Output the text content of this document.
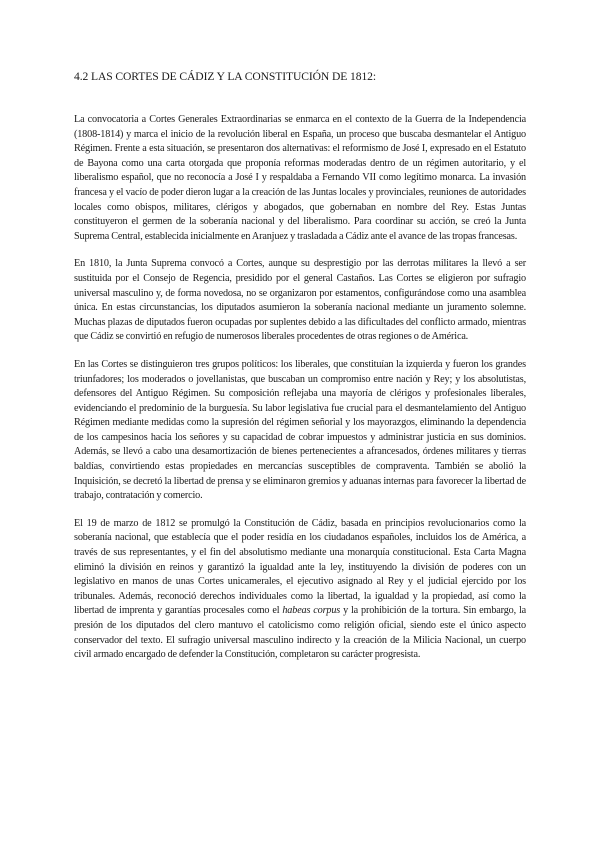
4.2 LAS CORTES DE CÁDIZ Y LA CONSTITUCIÓN DE 1812:

La convocatoria a Cortes Generales Extraordinarias se enmarca en el contexto de la Guerra de la Independencia (1808-1814) y marca el inicio de la revolución liberal en España, un proceso que buscaba desmantelar el Antiguo Régimen. Frente a esta situación, se presentaron dos alternativas: el reformismo de José I, expresado en el Estatuto de Bayona como una carta otorgada que proponía reformas moderadas dentro de un régimen autoritario, y el liberalismo español, que no reconocía a José I y respaldaba a Fernando VII como legítimo monarca. La invasión francesa y el vacío de poder dieron lugar a la creación de las Juntas locales y provinciales, reuniones de autoridades locales como obispos, militares, clérigos y abogados, que gobernaban en nombre del Rey. Estas Juntas constituyeron el germen de la soberanía nacional y del liberalismo. Para coordinar su acción, se creó la Junta Suprema Central, establecida inicialmente en Aranjuez y trasladada a Cádiz ante el avance de las tropas francesas.

En 1810, la Junta Suprema convocó a Cortes, aunque su desprestigio por las derrotas militares la llevó a ser sustituida por el Consejo de Regencia, presidido por el general Castaños. Las Cortes se eligieron por sufragio universal masculino y, de forma novedosa, no se organizaron por estamentos, configurándose como una asamblea única. En estas circunstancias, los diputados asumieron la soberanía nacional mediante un juramento solemne. Muchas plazas de diputados fueron ocupadas por suplentes debido a las dificultades del conflicto armado, mientras que Cádiz se convirtió en refugio de numerosos liberales procedentes de otras regiones o de América.

En las Cortes se distinguieron tres grupos políticos: los liberales, que constituían la izquierda y fueron los grandes triunfadores; los moderados o jovellanistas, que buscaban un compromiso entre nación y Rey; y los absolutistas, defensores del Antiguo Régimen. Su composición reflejaba una mayoría de clérigos y profesionales liberales, evidenciando el predominio de la burguesía. Su labor legislativa fue crucial para el desmantelamiento del Antiguo Régimen mediante medidas como la supresión del régimen señorial y los mayorazgos, eliminando la dependencia de los campesinos hacia los señores y su capacidad de cobrar impuestos y administrar justicia en sus dominios. Además, se llevó a cabo una desamortización de bienes pertenecientes a afrancesados, órdenes militares y tierras baldías, convirtiendo estas propiedades en mercancías susceptibles de compraventa. También se abolió la Inquisición, se decretó la libertad de prensa y se eliminaron gremios y aduanas internas para favorecer la libertad de trabajo, contratación y comercio.

El 19 de marzo de 1812 se promulgó la Constitución de Cádiz, basada en principios revolucionarios como la soberanía nacional, que establecía que el poder residía en los ciudadanos españoles, incluidos los de América, a través de sus representantes, y el fin del absolutismo mediante una monarquía constitucional. Esta Carta Magna eliminó la división en reinos y garantizó la igualdad ante la ley, instituyendo la división de poderes con un legislativo en manos de unas Cortes unicamerales, el ejecutivo asignado al Rey y el judicial ejercido por los tribunales. Además, reconoció derechos individuales como la libertad, la igualdad y la propiedad, así como la libertad de imprenta y garantías procesales como el habeas corpus y la prohibición de la tortura. Sin embargo, la presión de los diputados del clero mantuvo el catolicismo como religión oficial, siendo este el único aspecto conservador del texto. El sufragio universal masculino indirecto y la creación de la Milicia Nacional, un cuerpo civil armado encargado de defender la Constitución, completaron su carácter progresista.
